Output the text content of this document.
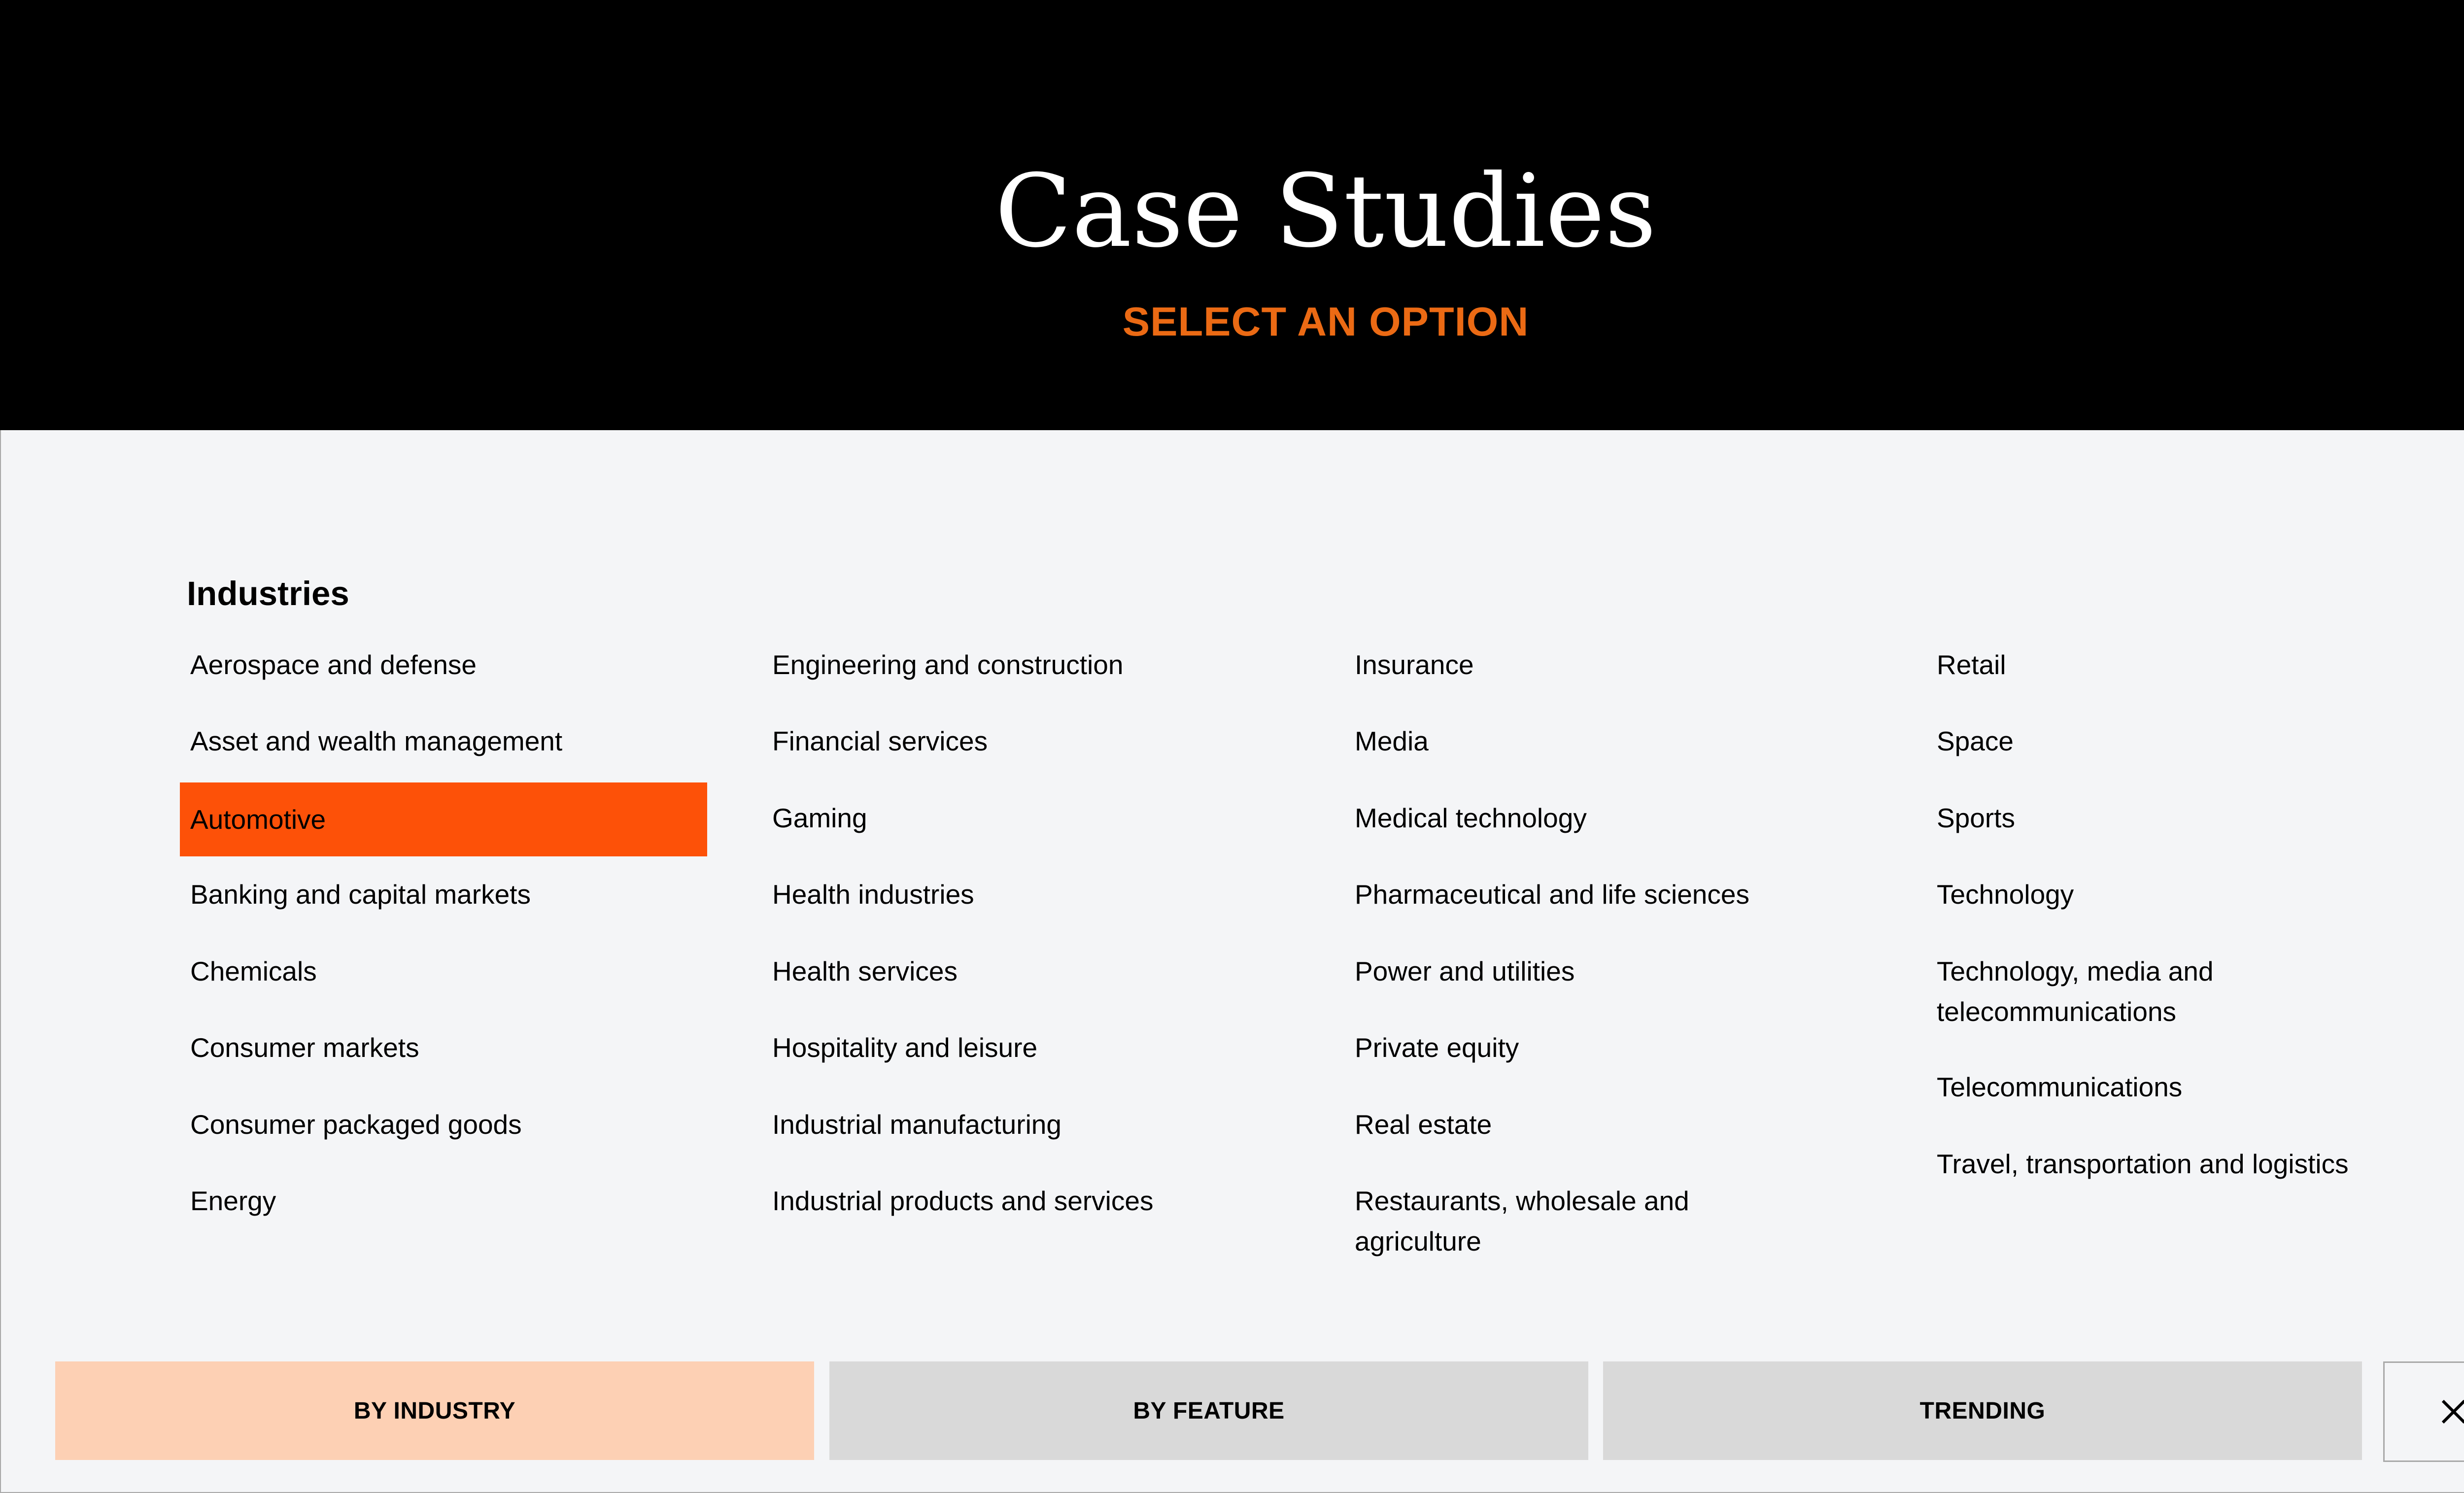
Case Studies
SELECT AN OPTION
Industries
Aerospace and defense
Asset and wealth management
Automotive
Banking and capital markets
Chemicals
Consumer markets
Consumer packaged goods
Energy
Engineering and construction
Financial services
Gaming
Health industries
Health services
Hospitality and leisure
Industrial manufacturing
Industrial products and services
Insurance
Media
Medical technology
Pharmaceutical and life sciences
Power and utilities
Private equity
Real estate
Restaurants, wholesale and agriculture
Retail
Space
Sports
Technology
Technology, media and telecommunications
Telecommunications
Travel, transportation and logistics
BY INDUSTRY	BY FEATURE	TRENDING
